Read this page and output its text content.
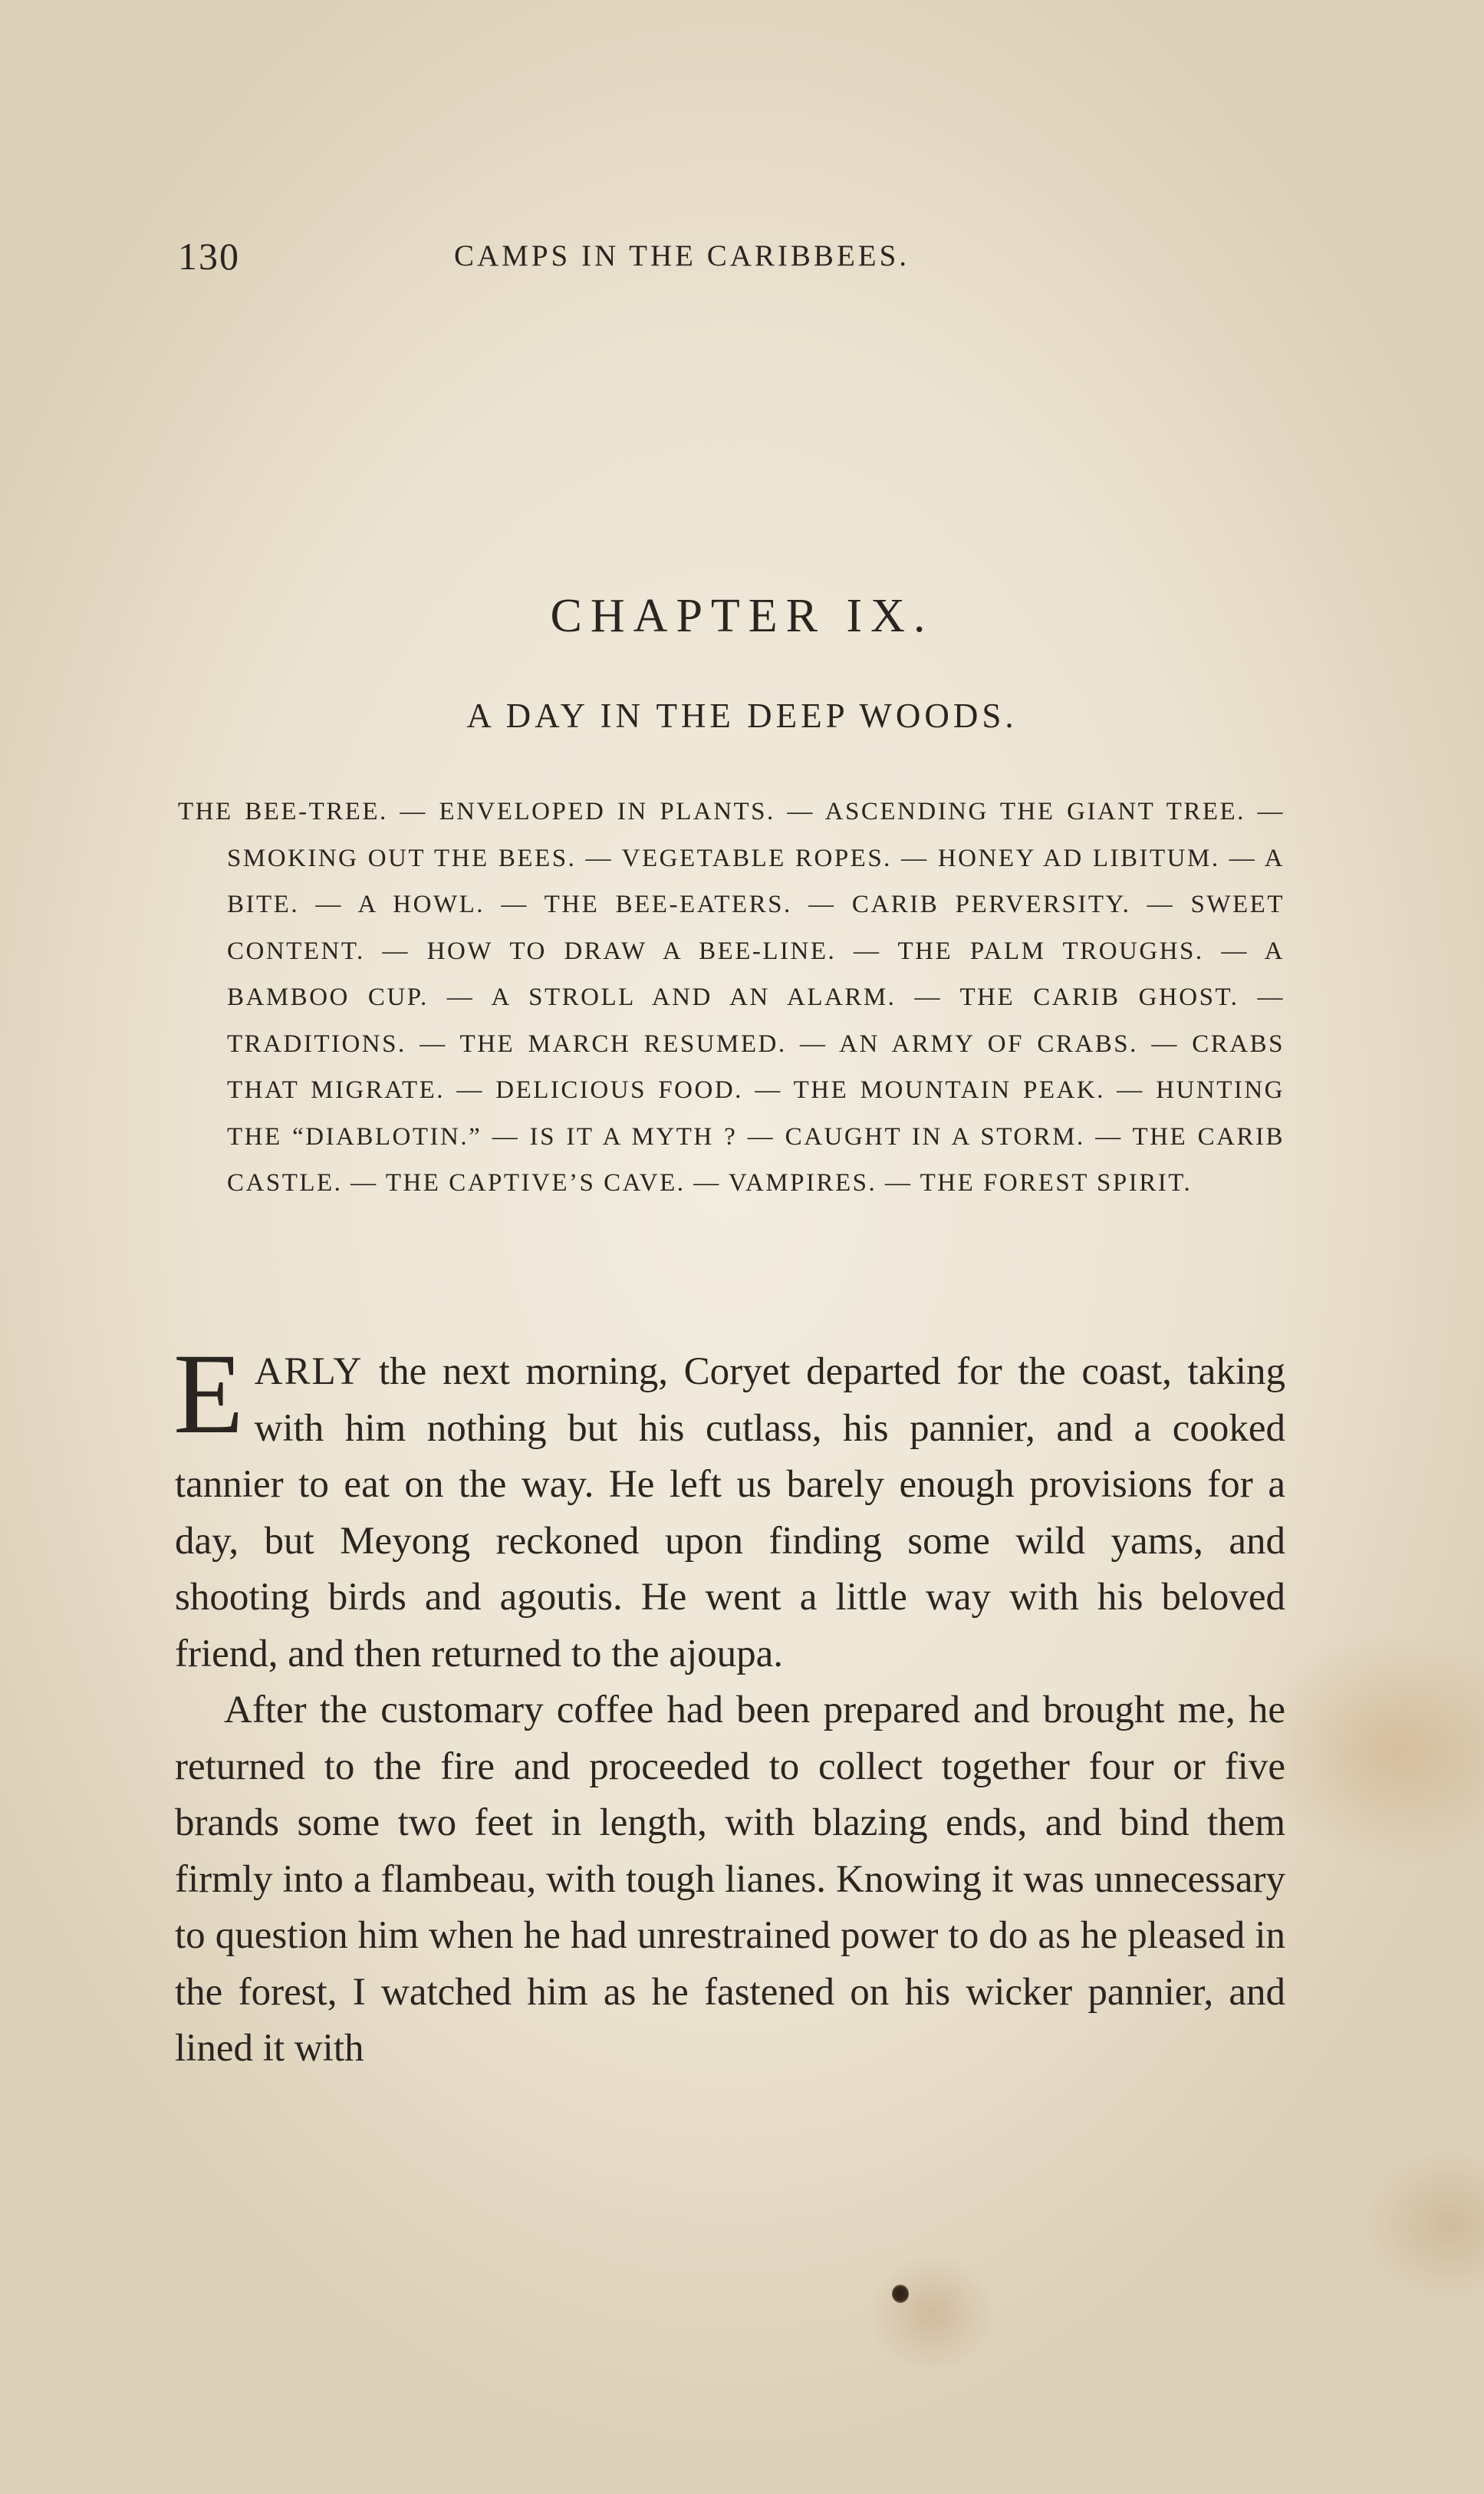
130	CAMPS IN THE CARIBBEES.
CHAPTER IX.
A DAY IN THE DEEP WOODS.
THE BEE-TREE. — ENVELOPED IN PLANTS. — ASCENDING THE GIANT TREE. — SMOKING OUT THE BEES. — VEGETABLE ROPES. — HONEY AD LIBITUM. — A BITE. — A HOWL. — THE BEE-EATERS. — CARIB PERVERSITY. — SWEET CONTENT. — HOW TO DRAW A BEE-LINE. — THE PALM TROUGHS. — A BAMBOO CUP. — A STROLL AND AN ALARM. — THE CARIB GHOST. — TRADITIONS. — THE MARCH RESUMED. — AN ARMY OF CRABS. — CRABS THAT MIGRATE. — DELICIOUS FOOD. — THE MOUNTAIN PEAK. — HUNTING THE “DIABLOTIN.” — IS IT A MYTH ? — CAUGHT IN A STORM. — THE CARIB CASTLE. — THE CAPTIVE’S CAVE. — VAMPIRES. — THE FOREST SPIRIT.

EARLY the next morning, Coryet departed for the coast, taking with him nothing but his cutlass, his pannier, and a cooked tannier to eat on the way. He left us barely enough provisions for a day, but Meyong reckoned upon finding some wild yams, and shooting birds and agoutis. He went a little way with his beloved friend, and then returned to the ajoupa.

After the customary coffee had been prepared and brought me, he returned to the fire and proceeded to collect together four or five brands some two feet in length, with blazing ends, and bind them firmly into a flambeau, with tough lianes. Knowing it was unnecessary to question him when he had unrestrained power to do as he pleased in the forest, I watched him as he fastened on his wicker pannier, and lined it with
